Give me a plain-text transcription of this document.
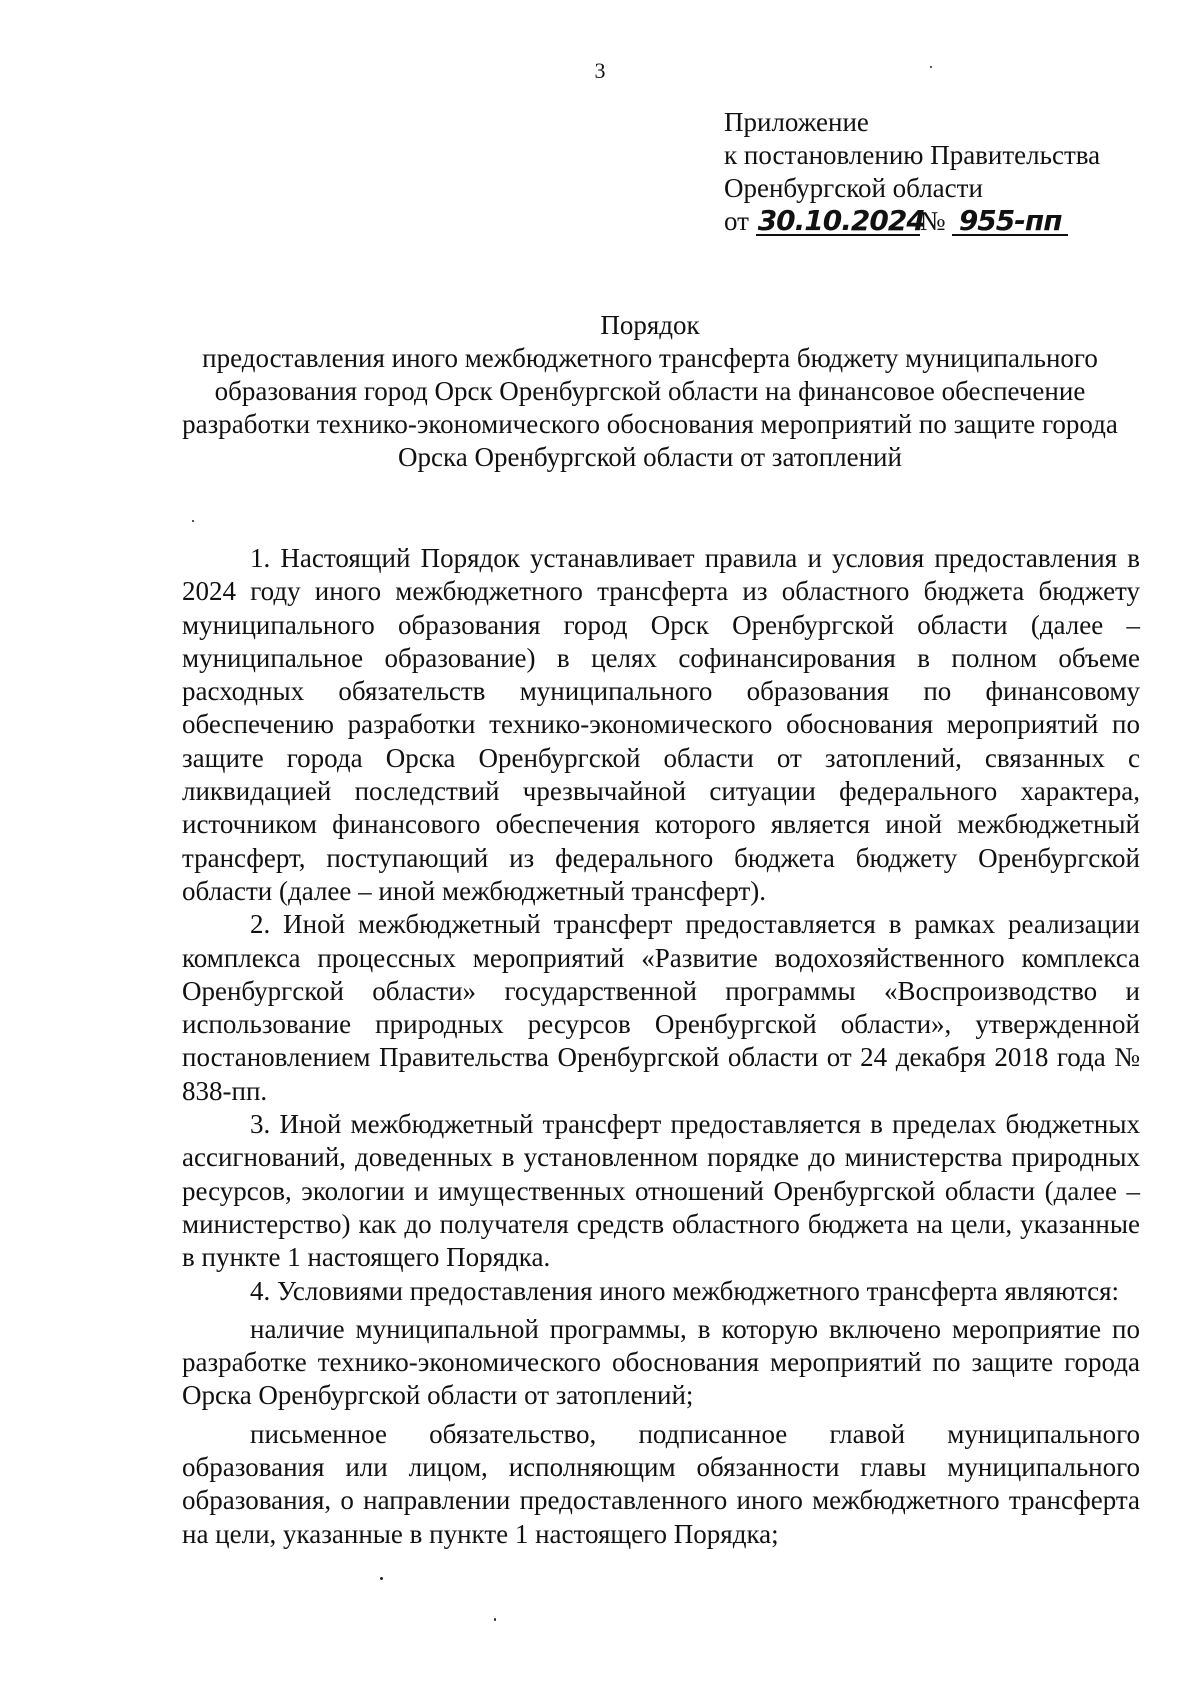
3
Приложение
к постановлению Правительства
Оренбургской области
от 30.10.2024№ 955-пп
Порядок
предоставления иного межбюджетного трансферта бюджету муниципального образования город Орск Оренбургской области на финансовое обеспечение разработки технико-экономического обоснования мероприятий по защите города Орска Оренбургской области от затоплений

1. Настоящий Порядок устанавливает правила и условия предоставления в 2024 году иного межбюджетного трансферта из областного бюджета бюджету муниципального образования город Орск Оренбургской области (далее – муниципальное образование) в целях софинансирования в полном объеме расходных обязательств муниципального образования по финансовому обеспечению разработки технико-экономического обоснования мероприятий по защите города Орска Оренбургской области от затоплений, связанных с ликвидацией последствий чрезвычайной ситуации федерального характера, источником финансового обеспечения которого является иной межбюджетный трансферт, поступающий из федерального бюджета бюджету Оренбургской области (далее – иной межбюджетный трансферт).

2. Иной межбюджетный трансферт предоставляется в рамках реализации комплекса процессных мероприятий «Развитие водохозяйственного комплекса Оренбургской области» государственной программы «Воспроизводство и использование природных ресурсов Оренбургской области», утвержденной постановлением Правительства Оренбургской области от 24 декабря 2018 года № 838-пп.

3. Иной межбюджетный трансферт предоставляется в пределах бюджетных ассигнований, доведенных в установленном порядке до министерства природных ресурсов, экологии и имущественных отношений Оренбургской области (далее – министерство) как до получателя средств областного бюджета на цели, указанные в пункте 1 настоящего Порядка.

4. Условиями предоставления иного межбюджетного трансферта являются:

наличие муниципальной программы, в которую включено мероприятие по разработке технико-экономического обоснования мероприятий по защите города Орска Оренбургской области от затоплений;

письменное обязательство, подписанное главой муниципального образования или лицом, исполняющим обязанности главы муниципального образования, о направлении предоставленного иного межбюджетного трансферта на цели, указанные в пункте 1 настоящего Порядка;
